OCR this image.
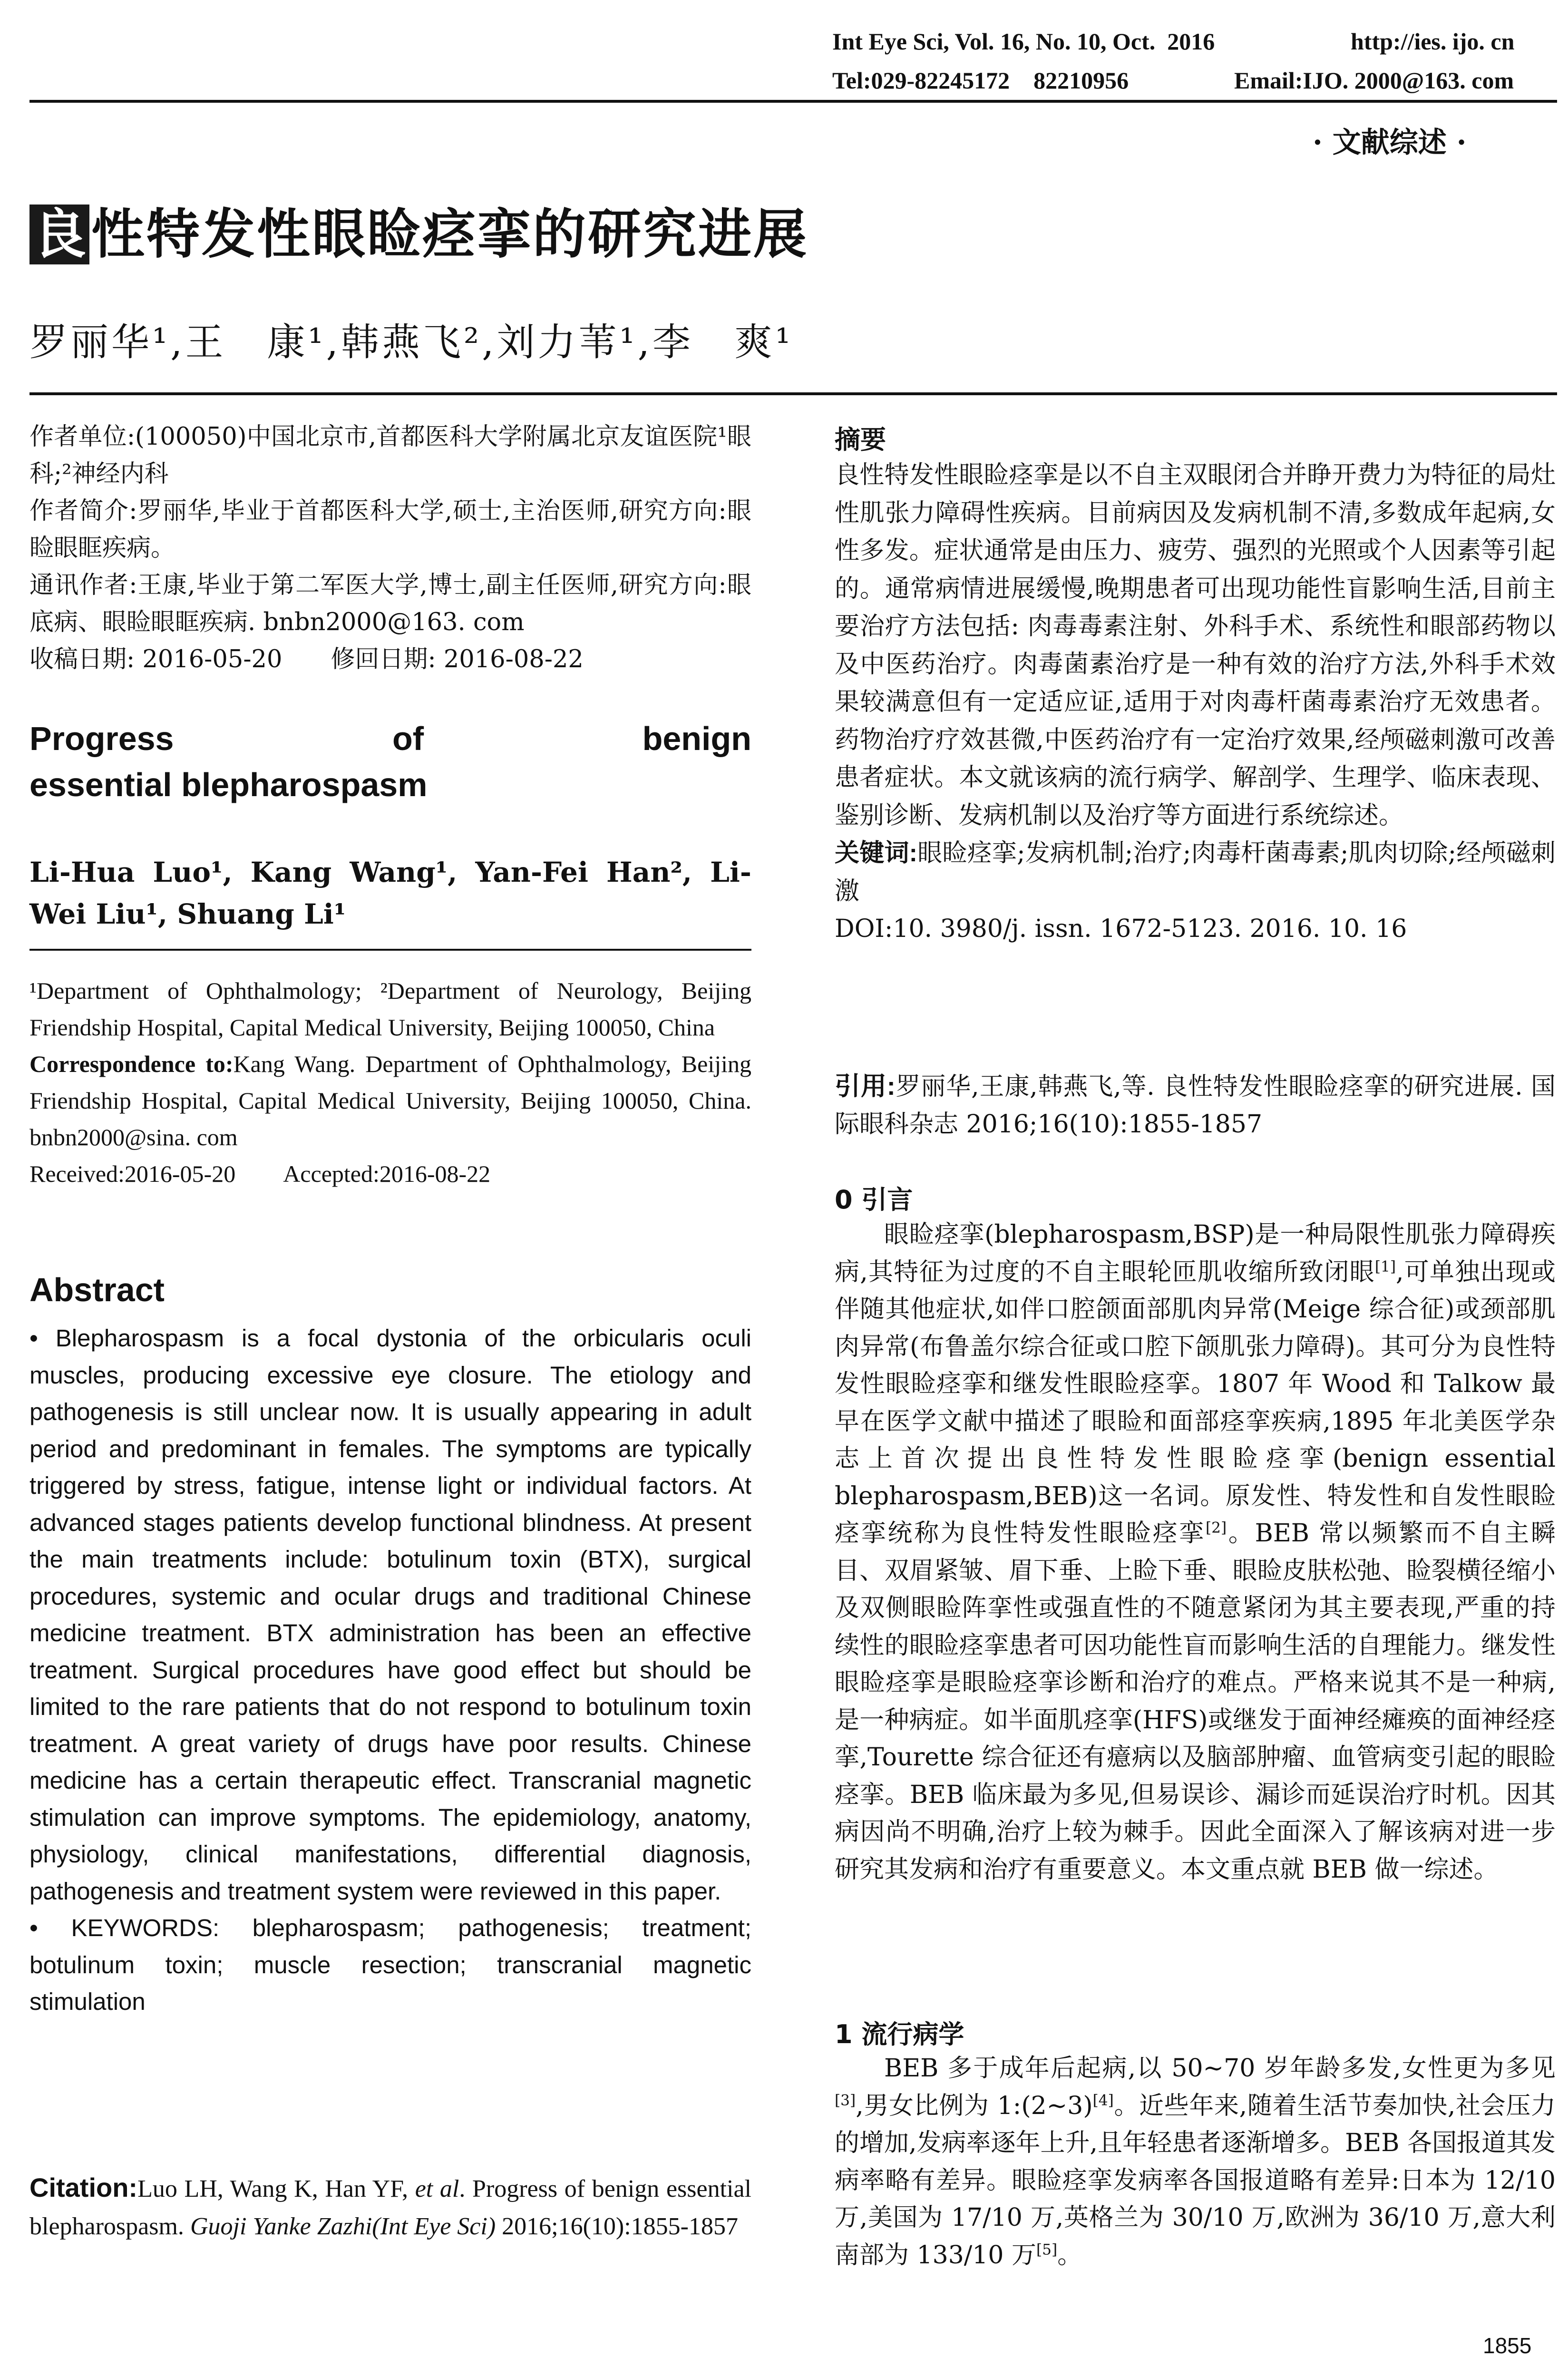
Int Eye Sci, Vol. 16, No. 10, Oct.  2016	http://ies. ijo. cn
Tel:029-82245172    82210956	Email:IJO. 2000@163. com
· 文献综述 ·
良 性特发性眼睑痉挛的研究进展
罗丽华¹,王　康¹,韩燕飞²,刘力苇¹,李　爽¹

作者单位:(100050)中国北京市,首都医科大学附属北京友谊医院¹眼科;²神经内科

作者简介:罗丽华,毕业于首都医科大学,硕士,主治医师,研究方向:眼睑眼眶疾病。

通讯作者:王康,毕业于第二军医大学,博士,副主任医师,研究方向:眼底病、眼睑眼眶疾病. bnbn2000@163. com

收稿日期: 2016-05-20　　修回日期: 2016-08-22

Progress of benign
essential blepharospasm
Li-Hua Luo¹, Kang Wang¹, Yan-Fei Han², Li-Wei Liu¹, Shuang Li¹
¹Department of Ophthalmology; ²Department of Neurology, Beijing Friendship Hospital, Capital Medical University, Beijing 100050, China
Correspondence to:Kang Wang. Department of Ophthalmology, Beijing Friendship Hospital, Capital Medical University, Beijing 100050, China. bnbn2000@sina. com
Received:2016-05-20　　Accepted:2016-08-22
Abstract
• Blepharospasm is a focal dystonia of the orbicularis oculi muscles, producing excessive eye closure. The etiology and pathogenesis is still unclear now. It is usually appearing in adult period and predominant in females. The symptoms are typically triggered by stress, fatigue, intense light or individual factors. At advanced stages patients develop functional blindness. At present the main treatments include: botulinum toxin (BTX), surgical procedures, systemic and ocular drugs and traditional Chinese medicine treatment. BTX administration has been an effective treatment. Surgical procedures have good effect but should be limited to the rare patients that do not respond to botulinum toxin treatment. A great variety of drugs have poor results. Chinese medicine has a certain therapeutic effect. Transcranial magnetic stimulation can improve symptoms. The epidemiology, anatomy, physiology, clinical manifestations, differential diagnosis, pathogenesis and treatment system were reviewed in this paper.
• KEYWORDS: blepharospasm; pathogenesis; treatment; botulinum toxin; muscle resection; transcranial magnetic stimulation
Citation:Luo LH, Wang K, Han YF, et al. Progress of benign essential blepharospasm. Guoji Yanke Zazhi(Int Eye Sci) 2016;16(10):1855-1857
摘要

良性特发性眼睑痉挛是以不自主双眼闭合并睁开费力为特征的局灶性肌张力障碍性疾病。目前病因及发病机制不清,多数成年起病,女性多发。症状通常是由压力、疲劳、强烈的光照或个人因素等引起的。通常病情进展缓慢,晚期患者可出现功能性盲影响生活,目前主要治疗方法包括: 肉毒毒素注射、外科手术、系统性和眼部药物以及中医药治疗。肉毒菌素治疗是一种有效的治疗方法,外科手术效果较满意但有一定适应证,适用于对肉毒杆菌毒素治疗无效患者。药物治疗疗效甚微,中医药治疗有一定治疗效果,经颅磁刺激可改善患者症状。本文就该病的流行病学、解剖学、生理学、临床表现、鉴别诊断、发病机制以及治疗等方面进行系统综述。

关键词:眼睑痉挛;发病机制;治疗;肉毒杆菌毒素;肌肉切除;经颅磁刺激

DOI:10. 3980/j. issn. 1672-5123. 2016. 10. 16

引用:罗丽华,王康,韩燕飞,等. 良性特发性眼睑痉挛的研究进展. 国际眼科杂志 2016;16(10):1855-1857
0 引言
眼睑痉挛(blepharospasm,BSP)是一种局限性肌张力障碍疾病,其特征为过度的不自主眼轮匝肌收缩所致闭眼[1],可单独出现或伴随其他症状,如伴口腔颌面部肌肉异常(Meige 综合征)或颈部肌肉异常(布鲁盖尔综合征或口腔下颌肌张力障碍)。其可分为良性特发性眼睑痉挛和继发性眼睑痉挛。1807 年 Wood 和 Talkow 最早在医学文献中描述了眼睑和面部痉挛疾病,1895 年北美医学杂志上首次提出良性特发性眼睑痉挛(benign essential blepharospasm,BEB)这一名词。原发性、特发性和自发性眼睑痉挛统称为良性特发性眼睑痉挛[2]。BEB 常以频繁而不自主瞬目、双眉紧皱、眉下垂、上睑下垂、眼睑皮肤松弛、睑裂横径缩小及双侧眼睑阵挛性或强直性的不随意紧闭为其主要表现,严重的持续性的眼睑痉挛患者可因功能性盲而影响生活的自理能力。继发性眼睑痉挛是眼睑痉挛诊断和治疗的难点。严格来说其不是一种病,是一种病症。如半面肌痉挛(HFS)或继发于面神经瘫痪的面神经痉挛,Tourette 综合征还有癔病以及脑部肿瘤、血管病变引起的眼睑痉挛。BEB 临床最为多见,但易误诊、漏诊而延误治疗时机。因其病因尚不明确,治疗上较为棘手。因此全面深入了解该病对进一步研究其发病和治疗有重要意义。本文重点就 BEB 做一综述。
1 流行病学
BEB 多于成年后起病,以 50~70 岁年龄多发,女性更为多见[3],男女比例为 1:(2~3)[4]。近些年来,随着生活节奏加快,社会压力的增加,发病率逐年上升,且年轻患者逐渐增多。BEB 各国报道其发病率略有差异。眼睑痉挛发病率各国报道略有差异:日本为 12/10 万,美国为 17/10 万,英格兰为 30/10 万,欧洲为 36/10 万,意大利南部为 133/10 万[5]。
1855
